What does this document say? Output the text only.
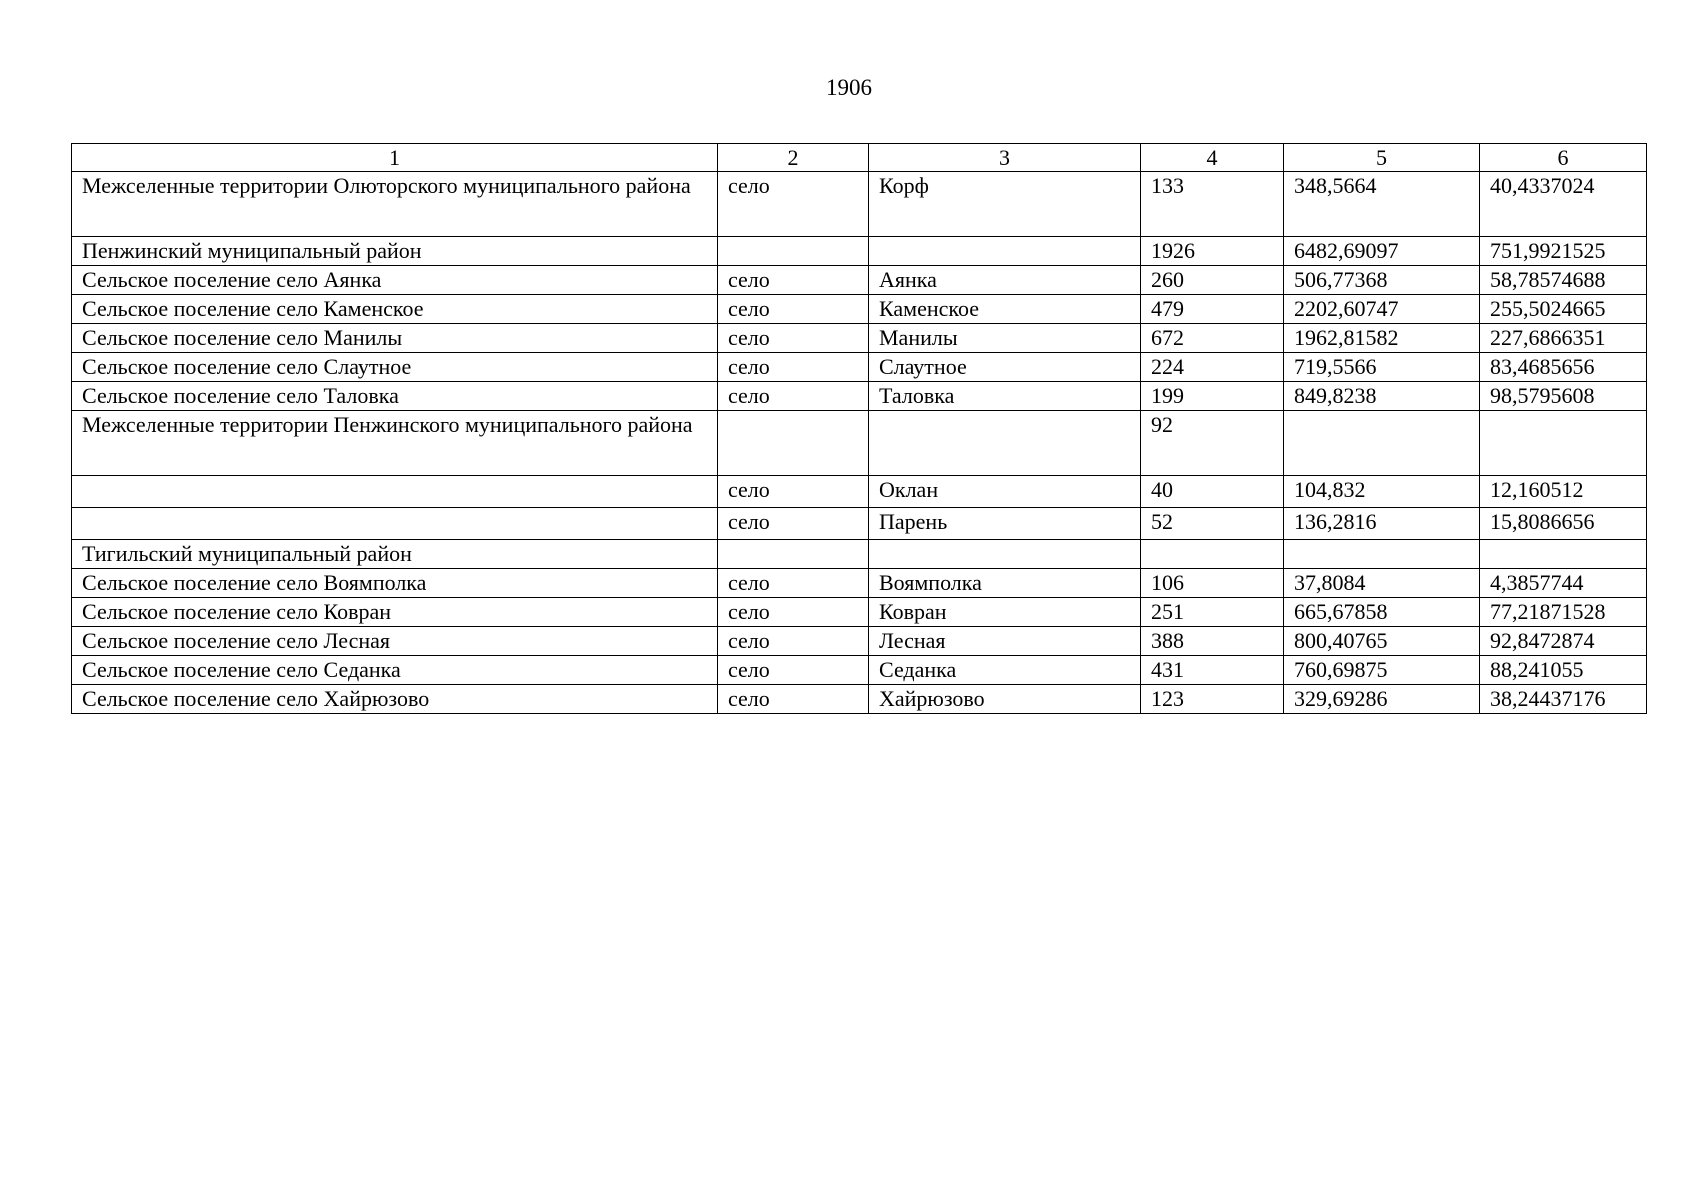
1906
1	2	3	4	5	6
Межселенные территории Олюторского муниципального района	село	Корф	133	348,5664	40,4337024
Пенжинский муниципальный район			1926	6482,69097	751,9921525
Сельское поселение село Аянка	село	Аянка	260	506,77368	58,78574688
Сельское поселение село Каменское	село	Каменское	479	2202,60747	255,5024665
Сельское поселение село Манилы	село	Манилы	672	1962,81582	227,6866351
Сельское поселение село Слаутное	село	Слаутное	224	719,5566	83,4685656
Сельское поселение село Таловка	село	Таловка	199	849,8238	98,5795608
Межселенные территории Пенжинского муниципального района			92		
	село	Оклан	40	104,832	12,160512
	село	Парень	52	136,2816	15,8086656
Тигильский муниципальный район					
Сельское поселение село Воямполка	село	Воямполка	106	37,8084	4,3857744
Сельское поселение село Ковран	село	Ковран	251	665,67858	77,21871528
Сельское поселение село Лесная	село	Лесная	388	800,40765	92,8472874
Сельское поселение село Седанка	село	Седанка	431	760,69875	88,241055
Сельское поселение село Хайрюзово	село	Хайрюзово	123	329,69286	38,24437176
